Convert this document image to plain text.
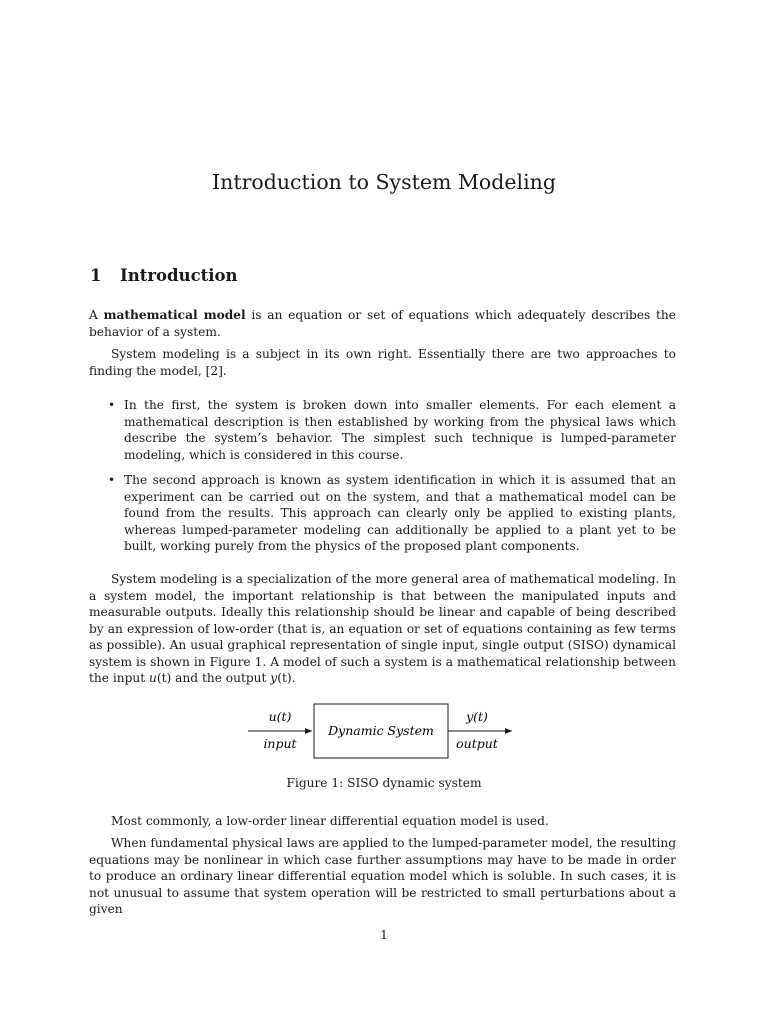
Introduction to System Modeling
1 Introduction

A mathematical model is an equation or set of equations which adequately describes the behavior of a system.

System modeling is a subject in its own right. Essentially there are two approaches to finding the model, [2].

• In the first, the system is broken down into smaller elements. For each element a mathematical description is then established by working from the physical laws which describe the system’s behavior. The simplest such technique is lumped-parameter modeling, which is considered in this course.

• The second approach is known as system identification in which it is assumed that an experiment can be carried out on the system, and that a mathematical model can be found from the results. This approach can clearly only be applied to existing plants, whereas lumped-parameter modeling can additionally be applied to a plant yet to be built, working purely from the physics of the proposed plant components.

System modeling is a specialization of the more general area of mathematical modeling. In a system model, the important relationship is that between the manipulated inputs and measurable outputs. Ideally this relationship should be linear and capable of being described by an expression of low-order (that is, an equation or set of equations containing as few terms as possible). An usual graphical representation of single input, single output (SISO) dynamical system is shown in Figure 1. A model of such a system is a mathematical relationship between the input u(t) and the output y(t).

u(t)
input
Dynamic System
y(t)
output
Figure 1: SISO dynamic system

Most commonly, a low-order linear differential equation model is used.

When fundamental physical laws are applied to the lumped-parameter model, the resulting equations may be nonlinear in which case further assumptions may have to be made in order to produce an ordinary linear differential equation model which is soluble. In such cases, it is not unusual to assume that system operation will be restricted to small perturbations about a given

1
